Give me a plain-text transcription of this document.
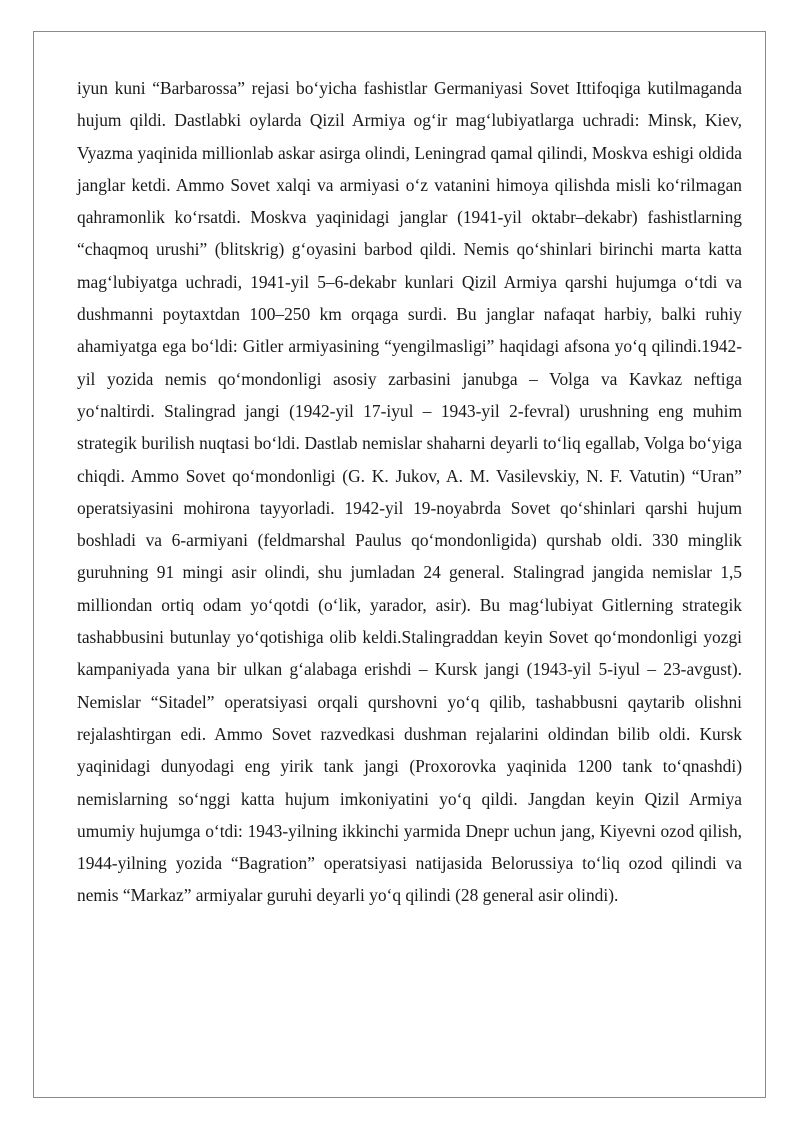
iyun kuni “Barbarossa” rejasi bo‘yicha fashistlar Germaniyasi Sovet Ittifoqiga kutilmaganda hujum qildi. Dastlabki oylarda Qizil Armiya og‘ir mag‘lubiyatlarga uchradi: Minsk, Kiev, Vyazma yaqinida millionlab askar asirga olindi, Leningrad qamal qilindi, Moskva eshigi oldida janglar ketdi. Ammo Sovet xalqi va armiyasi o‘z vatanini himoya qilishda misli ko‘rilmagan qahramonlik ko‘rsatdi. Moskva yaqinidagi janglar (1941-yil oktabr–dekabr) fashistlarning “chaqmoq urushi” (blitskrig) g‘oyasini barbod qildi. Nemis qo‘shinlari birinchi marta katta mag‘lubiyatga uchradi, 1941-yil 5–6-dekabr kunlari Qizil Armiya qarshi hujumga o‘tdi va dushmanni poytaxtdan 100–250 km orqaga surdi. Bu janglar nafaqat harbiy, balki ruhiy ahamiyatga ega bo‘ldi: Gitler armiyasining “yengilmasligi” haqidagi afsona yo‘q qilindi.1942-yil yozida nemis qo‘mondonligi asosiy zarbasini janubga – Volga va Kavkaz neftiga yo‘naltirdi. Stalingrad jangi (1942-yil 17-iyul – 1943-yil 2-fevral) urushning eng muhim strategik burilish nuqtasi bo‘ldi. Dastlab nemislar shaharni deyarli to‘liq egallab, Volga bo‘yiga chiqdi. Ammo Sovet qo‘mondonligi (G. K. Jukov, A. M. Vasilevskiy, N. F. Vatutin) “Uran” operatsiyasini mohirona tayyorladi. 1942-yil 19-noyabrda Sovet qo‘shinlari qarshi hujum boshladi va 6-armiyani (feldmarshal Paulus qo‘mondonligida) qurshab oldi. 330 minglik guruhning 91 mingi asir olindi, shu jumladan 24 general. Stalingrad jangida nemislar 1,5 milliondan ortiq odam yo‘qotdi (o‘lik, yarador, asir). Bu mag‘lubiyat Gitlerning strategik tashabbusini butunlay yo‘qotishiga olib keldi.Stalingraddan keyin Sovet qo‘mondonligi yozgi kampaniyada yana bir ulkan g‘alabaga erishdi – Kursk jangi (1943-yil 5-iyul – 23-avgust). Nemislar “Sitadel” operatsiyasi orqali qurshovni yo‘q qilib, tashabbusni qaytarib olishni rejalashtirgan edi. Ammo Sovet razvedkasi dushman rejalarini oldindan bilib oldi. Kursk yaqinidagi dunyodagi eng yirik tank jangi (Proxorovka yaqinida 1200 tank to‘qnashdi) nemislarning so‘nggi katta hujum imkoniyatini yo‘q qildi. Jangdan keyin Qizil Armiya umumiy hujumga o‘tdi: 1943-yilning ikkinchi yarmida Dnepr uchun jang, Kiyevni ozod qilish, 1944-yilning yozida “Bagration” operatsiyasi natijasida Belorussiya to‘liq ozod qilindi va nemis “Markaz” armiyalar guruhi deyarli yo‘q qilindi (28 general asir olindi).
